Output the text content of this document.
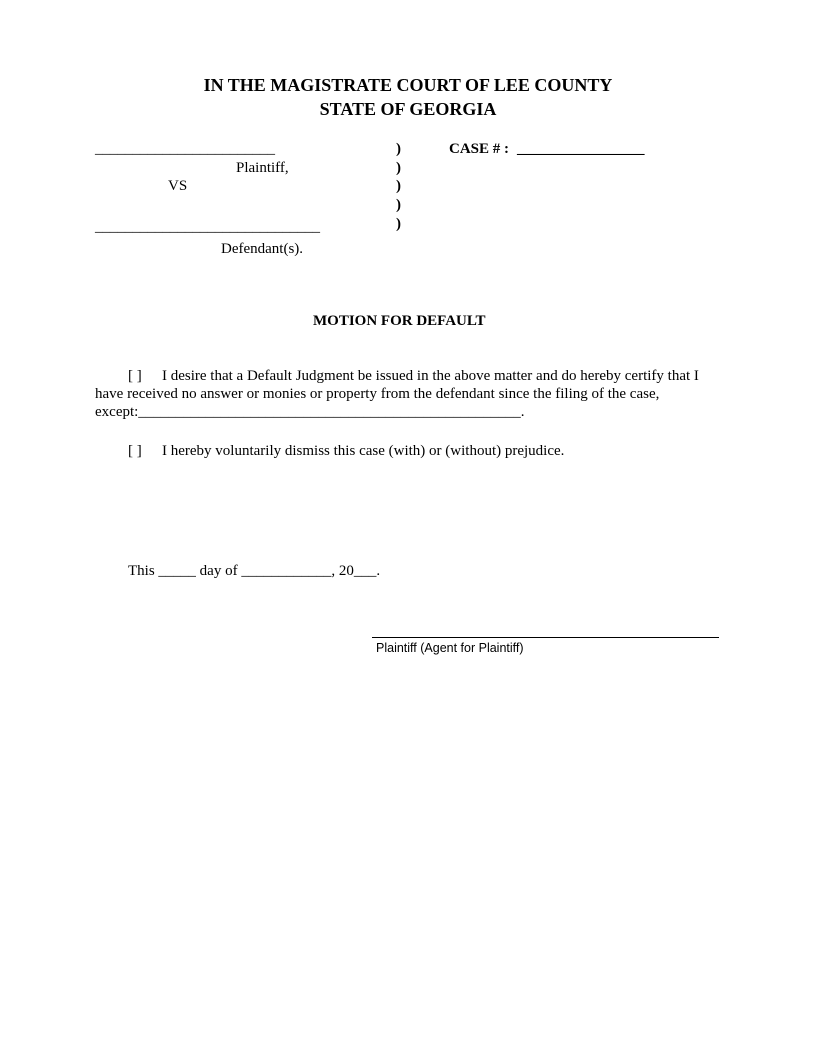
IN THE MAGISTRATE COURT OF LEE COUNTY
STATE OF GEORGIA
________________________
Plaintiff,
VS
______________________________
Defendant(s).
)
)
)
)
)
CASE # : _________________
MOTION FOR DEFAULT
[ ] I desire that a Default Judgment be issued in the above matter and do hereby certify that I
have received no answer or monies or property from the defendant since the filing of the case,
except:___________________________________________________.
[ ] I hereby voluntarily dismiss this case (with) or (without) prejudice.
This _____ day of ____________, 20___.
Plaintiff (Agent for Plaintiff)
